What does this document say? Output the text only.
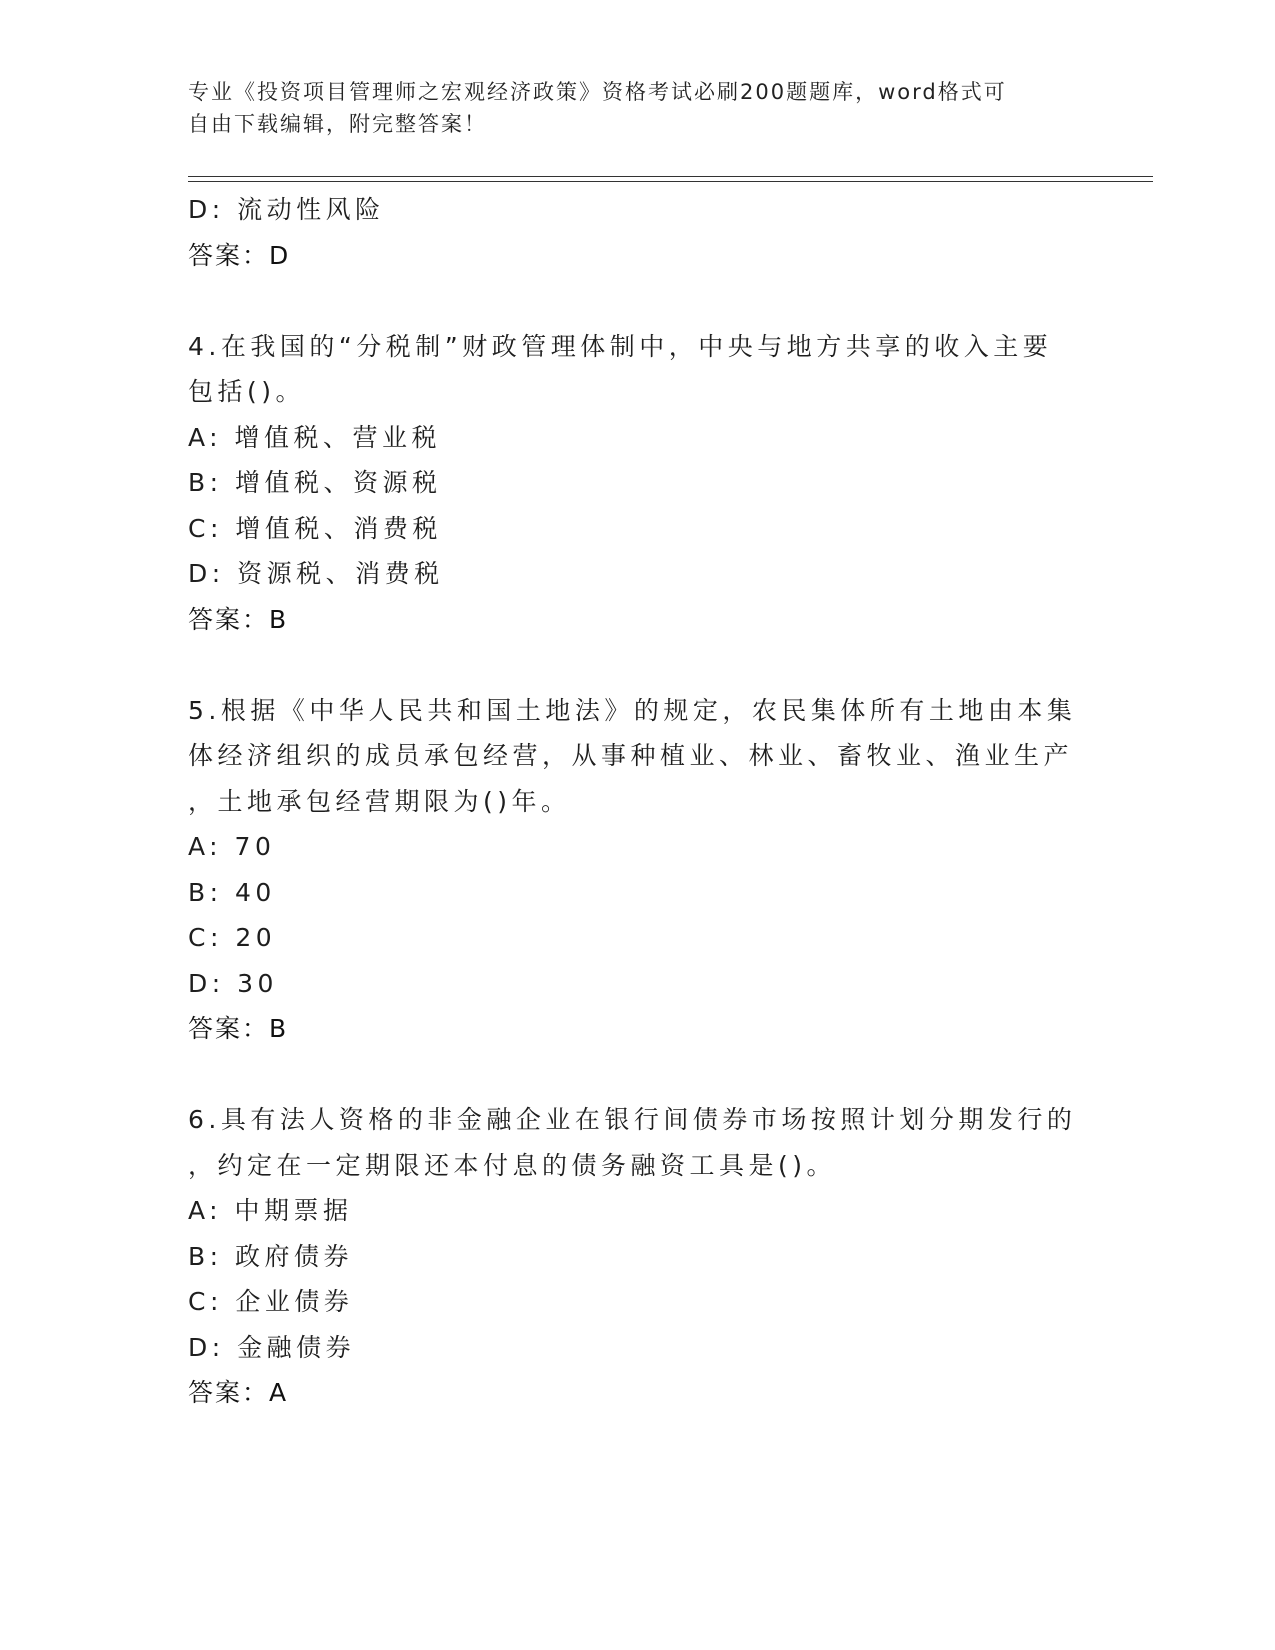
专业《投资项目管理师之宏观经济政策》资格考试必刷200题题库，word格式可
自由下载编辑，附完整答案！
D: 流动性风险
答案：D
4.在我国的“分税制”财政管理体制中，中央与地方共享的收入主要
包括()。
A: 增值税、营业税
B: 增值税、资源税
C: 增值税、消费税
D: 资源税、消费税
答案：B
5.根据《中华人民共和国土地法》的规定，农民集体所有土地由本集
体经济组织的成员承包经营，从事种植业、林业、畜牧业、渔业生产
，土地承包经营期限为()年。
A: 70
B: 40
C: 20
D: 30
答案：B
6.具有法人资格的非金融企业在银行间债券市场按照计划分期发行的
，约定在一定期限还本付息的债务融资工具是()。
A: 中期票据
B: 政府债券
C: 企业债券
D: 金融债券
答案：A
